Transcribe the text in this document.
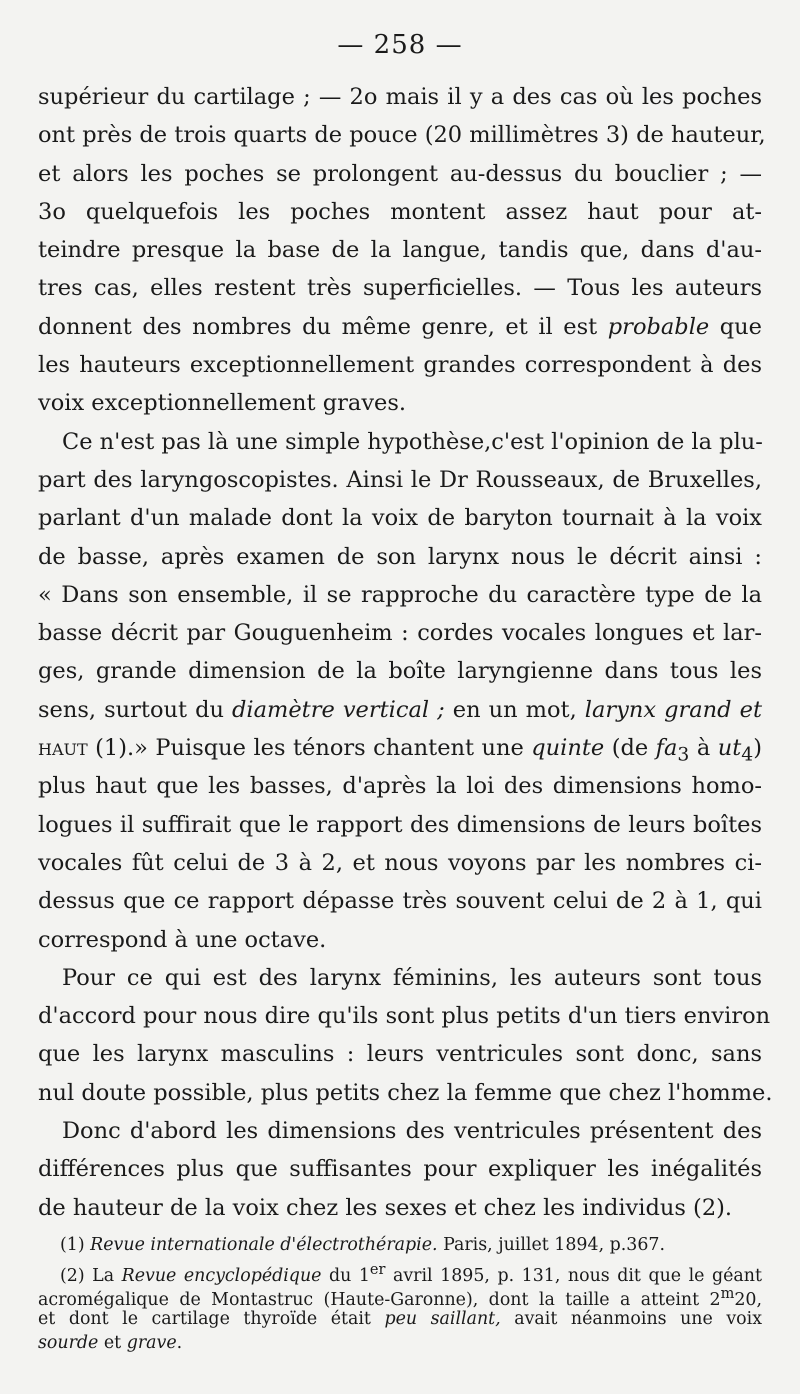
— 258 —
supérieur du cartilage ; — 2o mais il y a des cas où les poches
ont près de trois quarts de pouce (20 millimètres 3) de hauteur,
et alors les poches se prolongent au-dessus du bouclier ; —
3o quelquefois les poches montent assez haut pour at-
teindre presque la base de la langue, tandis que, dans d'au-
tres cas, elles restent très superficielles. — Tous les auteurs
donnent des nombres du même genre, et il est probable que
les hauteurs exceptionnellement grandes correspondent à des
voix exceptionnellement graves.
Ce n'est pas là une simple hypothèse,c'est l'opinion de la plu-
part des laryngoscopistes. Ainsi le Dr Rousseaux, de Bruxelles,
parlant d'un malade dont la voix de baryton tournait à la voix
de basse, après examen de son larynx nous le décrit ainsi :
« Dans son ensemble, il se rapproche du caractère type de la
basse décrit par Gouguenheim : cordes vocales longues et lar-
ges, grande dimension de la boîte laryngienne dans tous les
sens, surtout du diamètre vertical ; en un mot, larynx grand et
haut (1).» Puisque les ténors chantent une quinte (de $fa_3$ à $ut_4$)
plus haut que les basses, d'après la loi des dimensions homo-
logues il suffirait que le rapport des dimensions de leurs boîtes
vocales fût celui de 3 à 2, et nous voyons par les nombres ci-
dessus que ce rapport dépasse très souvent celui de 2 à 1, qui
correspond à une octave.
Pour ce qui est des larynx féminins, les auteurs sont tous
d'accord pour nous dire qu'ils sont plus petits d'un tiers environ
que les larynx masculins : leurs ventricules sont donc, sans
nul doute possible, plus petits chez la femme que chez l'homme.
Donc d'abord les dimensions des ventricules présentent des
différences plus que suffisantes pour expliquer les inégalités
de hauteur de la voix chez les sexes et chez les individus (2).
(1) Revue internationale d'électrothérapie. Paris, juillet 1894, p.367.
(2) La Revue encyclopédique du 1er avril 1895, p. 131, nous dit que le géant
acromégalique de Montastruc (Haute-Garonne), dont la taille a atteint 2$^m$20,
et dont le cartilage thyroïde était peu saillant, avait néanmoins une voix
sourde et grave.
